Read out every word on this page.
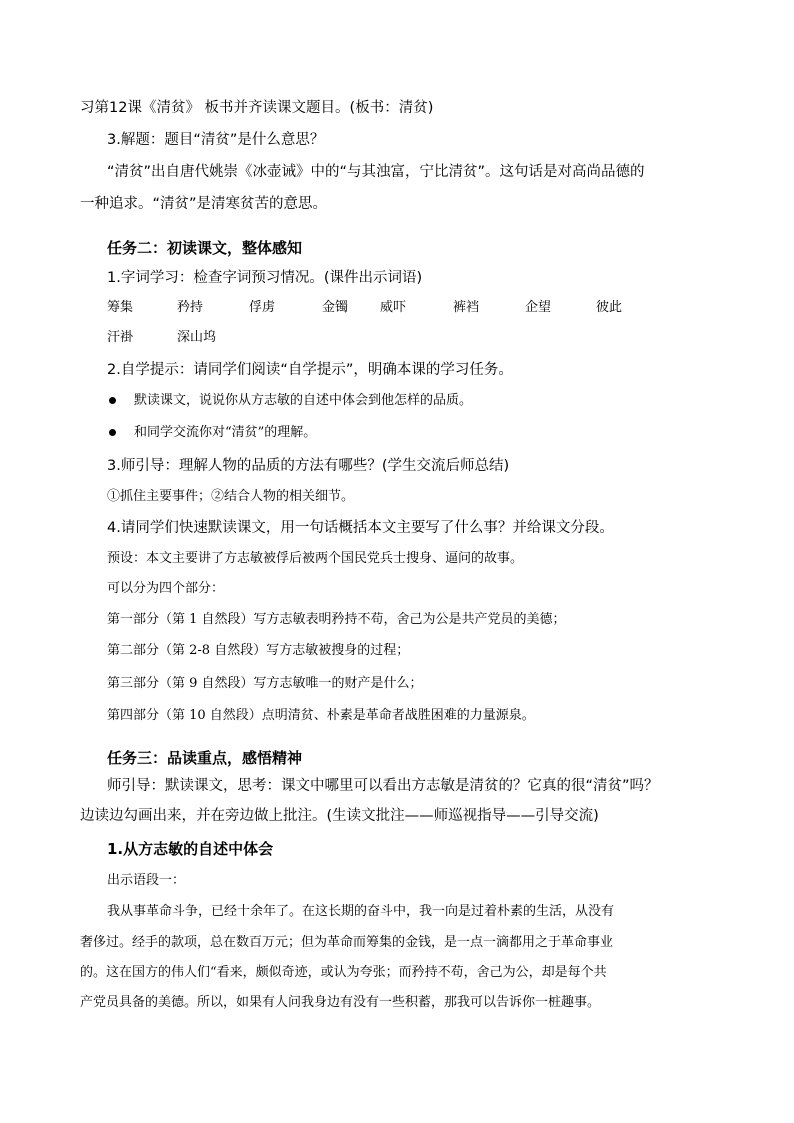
习第12课《清贫》 板书并齐读课文题目。(板书：清贫)
3.解题：题目“清贫”是什么意思？
“清贫”出自唐代姚崇《冰壶诫》中的“与其浊富，宁比清贫”。这句话是对高尚品德的
一种追求。“清贫”是清寒贫苦的意思。
任务二：初读课文，整体感知
1.字词学习：检查字词预习情况。(课件出示词语)
筹集	矜持	俘虏	金镯 威吓	裤裆	企望	彼此
汗褂	深山坞
2.自学提示：请同学们阅读“自学提示”，明确本课的学习任务。
默读课文，说说你从方志敏的自述中体会到他怎样的品质。
和同学交流你对“清贫”的理解。
3.师引导：理解人物的品质的方法有哪些？(学生交流后师总结)
①抓住主要事件；②结合人物的相关细节。
4.请同学们快速默读课文，用一句话概括本文主要写了什么事？并给课文分段。
预设：本文主要讲了方志敏被俘后被两个国民党兵士搜身、逼问的故事。
可以分为四个部分：
第一部分（第 1 自然段）写方志敏表明矜持不苟，舍己为公是共产党员的美德；
第二部分（第 2-8 自然段）写方志敏被搜身的过程；
第三部分（第 9 自然段）写方志敏唯一的财产是什么；
第四部分（第 10 自然段）点明清贫、朴素是革命者战胜困难的力量源泉。
任务三：品读重点，感悟精神
师引导：默读课文，思考：课文中哪里可以看出方志敏是清贫的？它真的很“清贫”吗？
边读边勾画出来，并在旁边做上批注。(生读文批注——师巡视指导——引导交流)
1.从方志敏的自述中体会
出示语段一：
我从事革命斗争，已经十余年了。在这长期的奋斗中，我一向是过着朴素的生活，从没有
奢侈过。经手的款项，总在数百万元；但为革命而筹集的金钱，是一点一滴都用之于革命事业
的。这在国方的伟人们“看来，颇似奇迹，或认为夸张；而矜持不苟，舍己为公，却是每个共
产党员具备的美德。所以，如果有人问我身边有没有一些积蓄，那我可以告诉你一桩趣事。
